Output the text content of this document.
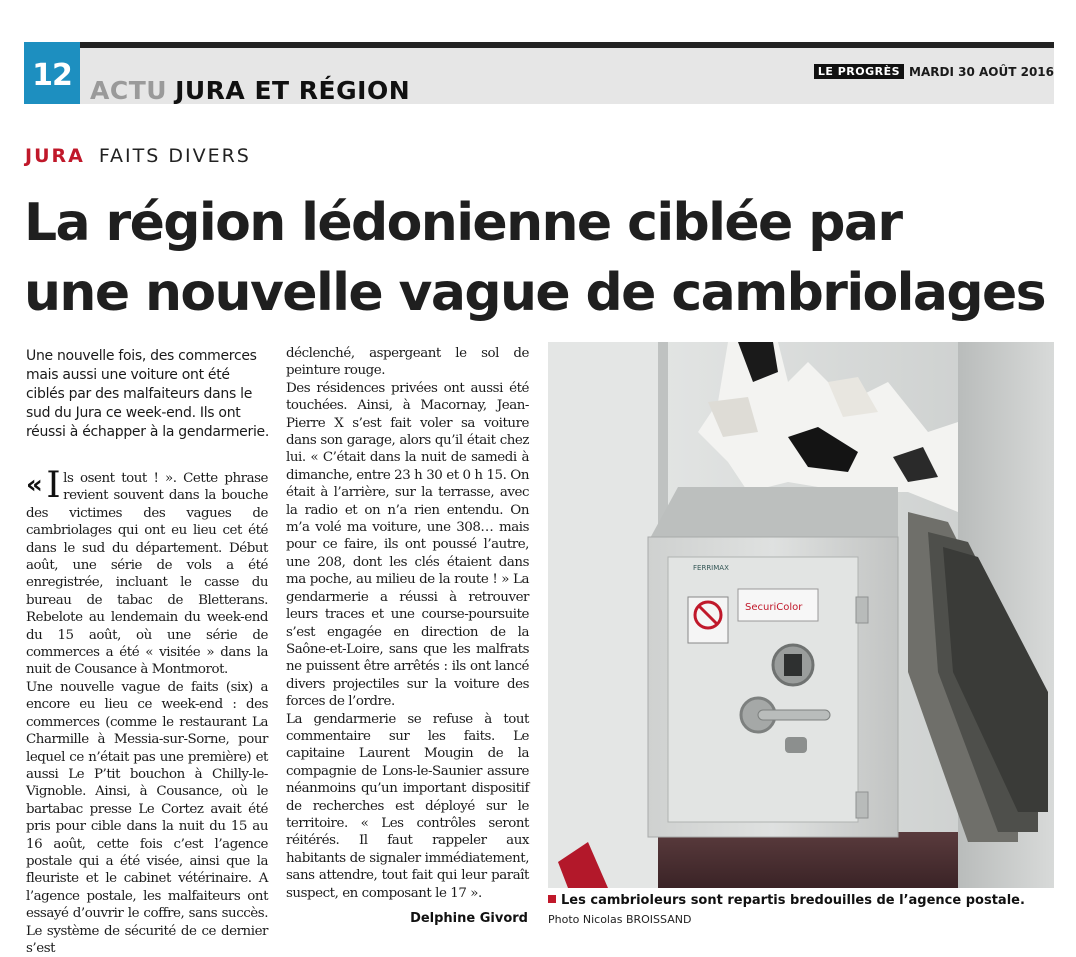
12 ACTU JURA ET RÉGION
LE PROGRÈS MARDI 30 AOÛT 2016
JURA FAITS DIVERS
La région lédonienne ciblée par
une nouvelle vague de cambriolages

Une nouvelle fois, des commerces mais aussi une voiture ont été ciblés par des malfaiteurs dans le sud du Jura ce week-end. Ils ont réussi à échapper à la gendarmerie.

« I ls osent tout ! ». Cette phrase revient souvent dans la bouche des victimes des vagues de cambriolages qui ont eu lieu cet été dans le sud du département. Début août, une série de vols a été enregistrée, incluant le casse du bureau de tabac de Bletterans. Rebelote au lendemain du week-end du 15 août, où une série de commerces a été « visitée » dans la nuit de Cousance à Montmorot.

Une nouvelle vague de faits (six) a encore eu lieu ce week-end : des commerces (comme le restaurant La Charmille à Messia-sur-Sorne, pour lequel ce n’était pas une première) et aussi Le P’tit bouchon à Chilly-le-Vignoble. Ainsi, à Cousance, où le bartabac presse Le Cortez avait été pris pour cible dans la nuit du 15 au 16 août, cette fois c’est l’agence postale qui a été visée, ainsi que la fleuriste et le cabinet vétérinaire. A l’agence postale, les malfaiteurs ont essayé d’ouvrir le coffre, sans succès. Le système de sécurité de ce dernier s’est

déclenché, aspergeant le sol de peinture rouge.

Des résidences privées ont aussi été touchées. Ainsi, à Macornay, Jean-Pierre X s’est fait voler sa voiture dans son garage, alors qu’il était chez lui. « C’était dans la nuit de samedi à dimanche, entre 23 h 30 et 0 h 15. On était à l’arrière, sur la terrasse, avec la radio et on n’a rien entendu. On m’a volé ma voiture, une 308… mais pour ce faire, ils ont poussé l’autre, une 208, dont les clés étaient dans ma poche, au milieu de la route ! » La gendarmerie a réussi à retrouver leurs traces et une course-poursuite s’est engagée en direction de la Saône-et-Loire, sans que les malfrats ne puissent être arrêtés : ils ont lancé divers projectiles sur la voiture des forces de l’ordre.

La gendarmerie se refuse à tout commentaire sur les faits. Le capitaine Laurent Mougin de la compagnie de Lons-le-Saunier assure néanmoins qu’un important dispositif de recherches est déployé sur le territoire. « Les contrôles seront réitérés. Il faut rappeler aux habitants de signaler immédiatement, sans attendre, tout fait qui leur paraît suspect, en composant le 17 ».

Delphine Givord
SecuriColor
FERRIMAX
Les cambrioleurs sont repartis bredouilles de l’agence postale.
Photo Nicolas BROISSAND
